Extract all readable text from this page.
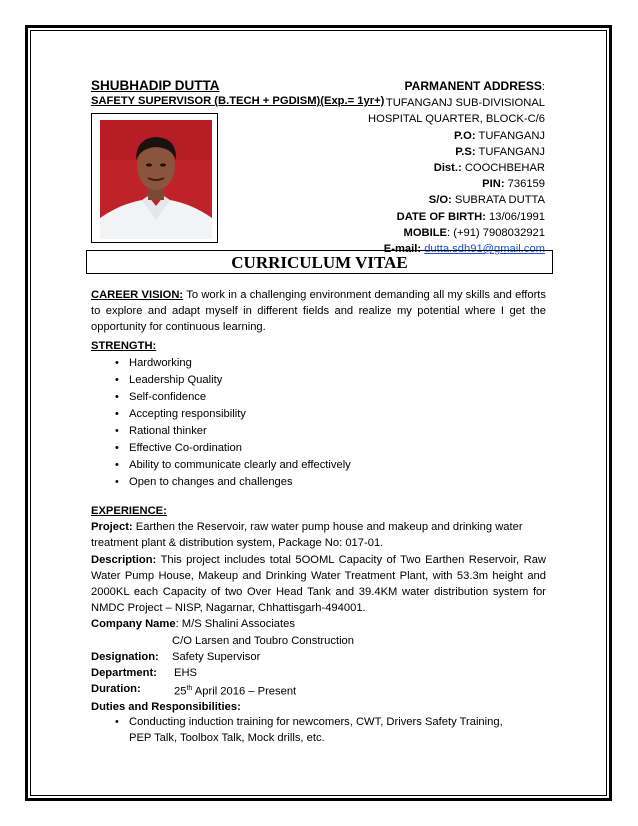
SHUBHADIP DUTTA
SAFETY SUPERVISOR (B.TECH + PGDISM)(Exp.= 1yr+)
PARMANENT ADDRESS:
TUFANGANJ SUB-DIVISIONAL
HOSPITAL QUARTER, BLOCK-C/6
P.O: TUFANGANJ
P.S: TUFANGANJ
Dist.: COOCHBEHAR
PIN: 736159
S/O: SUBRATA DUTTA
DATE OF BIRTH: 13/06/1991
MOBILE: (+91) 7908032921
E-mail: dutta.sdh91@gmail.com
CURRICULUM VITAE
CAREER VISION: To work in a challenging environment demanding all my skills and efforts to explore and adapt myself in different fields and realize my potential where I get the opportunity for continuous learning.
STRENGTH:
• Hardworking
• Leadership Quality
• Self-confidence
• Accepting responsibility
• Rational thinker
• Effective Co-ordination
• Ability to communicate clearly and effectively
• Open to changes and challenges
EXPERIENCE:
Project: Earthen the Reservoir, raw water pump house and makeup and drinking water treatment plant & distribution system, Package No: 017-01.
Description: This project includes total 5OOML Capacity of Two Earthen Reservoir, Raw Water Pump House, Makeup and Drinking Water Treatment Plant, with 53.3m height and 2000KL each Capacity of two Over Head Tank and 39.4KM water distribution system for NMDC Project – NISP, Nagarnar, Chhattisgarh-494001.
Company Name: M/S Shalini Associates
C/O Larsen and Toubro Construction
Designation:	Safety Supervisor
Department:	EHS
Duration:	25th April 2016 – Present
Duties and Responsibilities:
• Conducting induction training for newcomers, CWT, Drivers Safety Training, PEP Talk, Toolbox Talk, Mock drills, etc.
